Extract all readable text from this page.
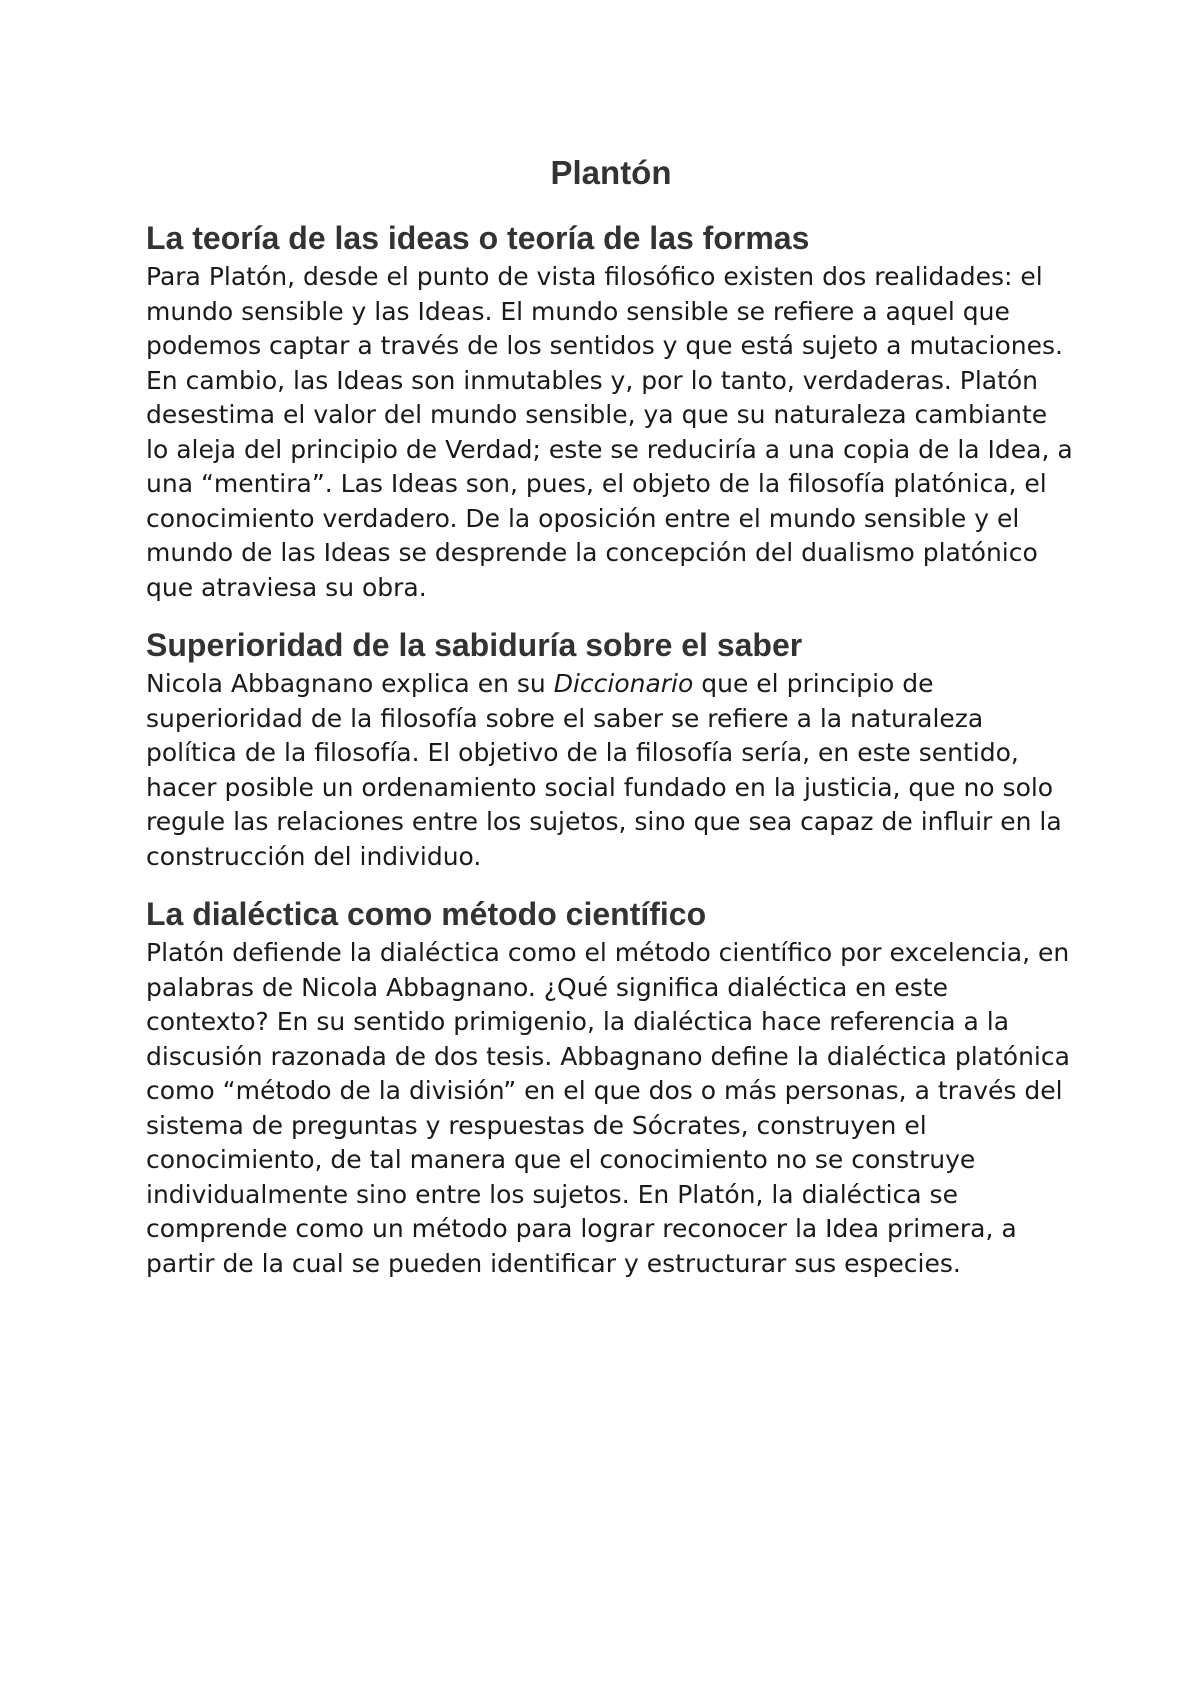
Plantón
La teoría de las ideas o teoría de las formas

Para Platón, desde el punto de vista filosófico existen dos realidades: el mundo sensible y las Ideas. El mundo sensible se refiere a aquel que podemos captar a través de los sentidos y que está sujeto a mutaciones. En cambio, las Ideas son inmutables y, por lo tanto, verdaderas. Platón desestima el valor del mundo sensible, ya que su naturaleza cambiante lo aleja del principio de Verdad; este se reduciría a una copia de la Idea, a una “mentira”. Las Ideas son, pues, el objeto de la filosofía platónica, el conocimiento verdadero. De la oposición entre el mundo sensible y el mundo de las Ideas se desprende la concepción del dualismo platónico que atraviesa su obra.

Superioridad de la sabiduría sobre el saber

Nicola Abbagnano explica en su Diccionario que el principio de superioridad de la filosofía sobre el saber se refiere a la naturaleza política de la filosofía. El objetivo de la filosofía sería, en este sentido, hacer posible un ordenamiento social fundado en la justicia, que no solo regule las relaciones entre los sujetos, sino que sea capaz de influir en la construcción del individuo.

La dialéctica como método científico

Platón defiende la dialéctica como el método científico por excelencia, en palabras de Nicola Abbagnano. ¿Qué significa dialéctica en este contexto? En su sentido primigenio, la dialéctica hace referencia a la discusión razonada de dos tesis. Abbagnano define la dialéctica platónica como “método de la división” en el que dos o más personas, a través del sistema de preguntas y respuestas de Sócrates, construyen el conocimiento, de tal manera que el conocimiento no se construye individualmente sino entre los sujetos. En Platón, la dialéctica se comprende como un método para lograr reconocer la Idea primera, a partir de la cual se pueden identificar y estructurar sus especies.
